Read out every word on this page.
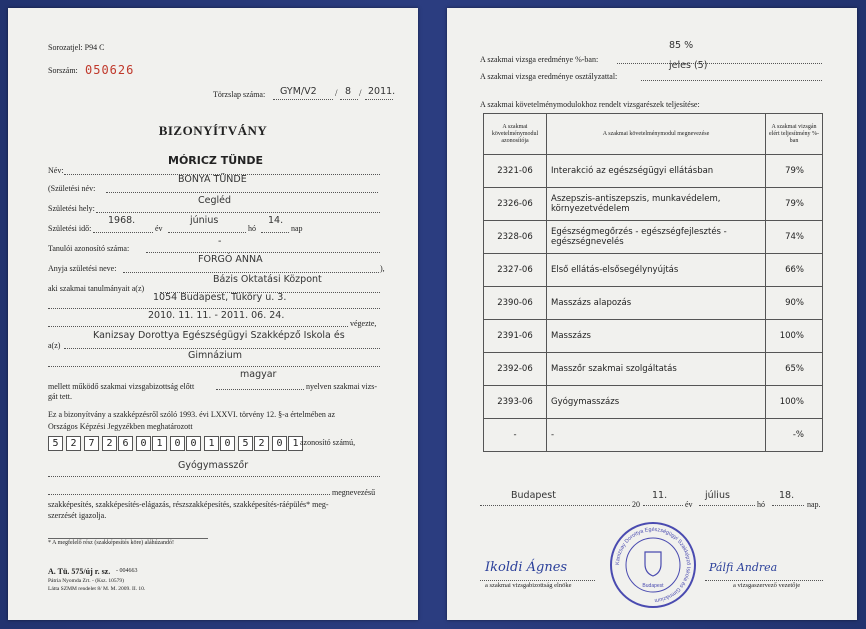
Sorozatjel: P94 C
Sorszám: 050626
Törzslap száma: GYM/V2 / 8 / 2011.
BIZONYÍTVÁNY
MÓRICZ TÜNDE
Név:
(Születési név:
BONYA TÜNDE
Születési hely:
Cegléd
Születési idő:
1968.
év
június
hó
14.
nap
Tanulói azonosító száma:
-
Anyja születési neve:
FORGÓ ANNA
),
aki szakmai tanulmányait a(z)
Bázis Oktatási Központ
1054 Budapest, Tüköry u. 3.
2010. 11. 11. - 2011. 06. 24.
végezte,
Kanizsay Dorottya Egészségügyi Szakképző Iskola és
a(z)
Gimnázium
magyar
mellett működő szakmai vizsgabizottság előtt	nyelven szakmai vizs-
gát tett.
Ez a bizonyítvány a szakképzésről szóló 1993. évi LXXVI. törvény 12. §-a értelmében az
Országos Képzési Jegyzékben meghatározott
5	2	7	2 6	0 1	0 0	1 0	5 2	0 1 azonosító számú,
Gyógymasszőr
megnevezésű
szakképesítés, szakképesítés-elágazás, részszakképesítés, szakképesítés-ráépülés* meg-
szerzését igazolja.
* A megfelelő rész (szakképesítés köre) aláhúzandó!
A. Tü. 575/új r. sz. - 004663
Pátria Nyomda Zrt. - (Ksz. 10579)
Látta SZMM rendelet 8/ M. M. 2009. II. 10.
85 %
A szakmai vizsga eredménye %-ban:
jeles (5)
A szakmai vizsga eredménye osztályzattal:
A szakmai követelménymodulokhoz rendelt vizsgarészek teljesítése:
A szakmai követelménymodul azonosítója	A szakmai követelménymodul megnevezése	A szakmai vizsgán elért teljesítmény %-ban
2321-06	Interakció az egészségügyi ellátásban	79%
2326-06	Aszepszis-antiszepszis, munkavédelem, környezetvédelem	79%
2328-06	Egészségmegőrzés - egészségfejlesztés - egészségnevelés	74%
2327-06	Első ellátás-elsősegélynyújtás	66%
2390-06	Masszázs alapozás	90%
2391-06	Masszázs	100%
2392-06	Masszőr szakmai szolgáltatás	65%
2393-06	Gyógymasszázs	100%
-	-	-%
Budapest
20
11.
év
július
hó
18.
nap.
Ikoldi Ágnes
a szakmai vizsgabizottság elnöke
Kanizsay Dorottya Egészségügyi Szakképző Iskola és Gimnázium
Budapest
Pálfi Andrea
a vizsgaszervező vezetője
